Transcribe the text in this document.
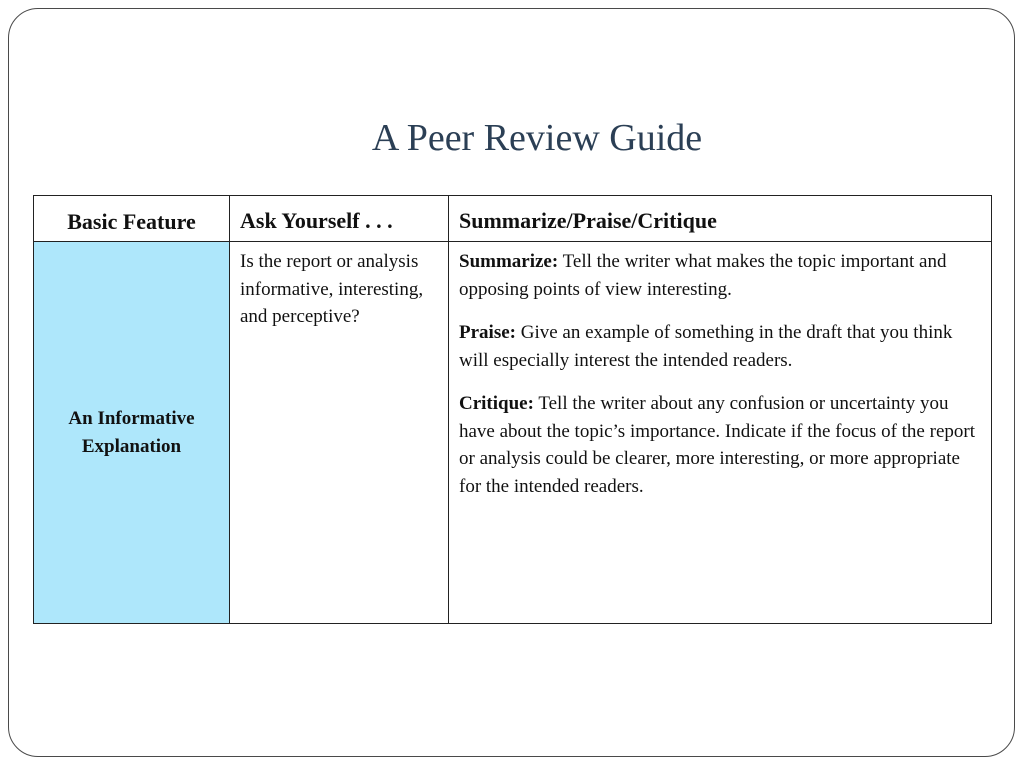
A Peer Review Guide
Basic Feature	Ask Yourself . . .	Summarize/Praise/Critique
An Informative Explanation	Is the report or analysis informative, interesting, and perceptive?	Summarize: Tell the writer what makes the topic important and opposing points of view interesting.

Praise: Give an example of something in the draft that you think will especially interest the intended readers.

Critique: Tell the writer about any confusion or uncertainty you have about the topic’s importance. Indicate if the focus of the report or analysis could be clearer, more interesting, or more appropriate for the intended readers.
